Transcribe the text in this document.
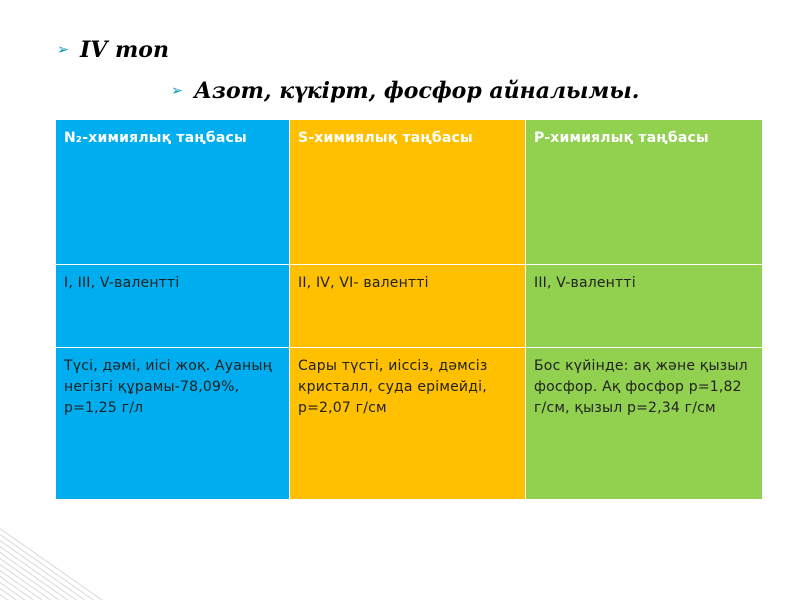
➢ IV топ
➢ Азот, күкірт, фосфор айналымы.
N₂-химиялық таңбасы	S-химиялық таңбасы	P-химиялық таңбасы
I, III, V-валентті	II, IV, VI- валентті	III, V-валентті
Түсі, дәмі, иісі жоқ. Ауаның негізгі құрамы-78,09%, p=1,25 г/л	Сары түсті, иіссіз, дәмсіз кристалл, суда ерімейді, p=2,07 г/см	Бос күйінде: ақ және қызыл фосфор. Ақ фосфор p=1,82 г/см, қызыл p=2,34 г/см
